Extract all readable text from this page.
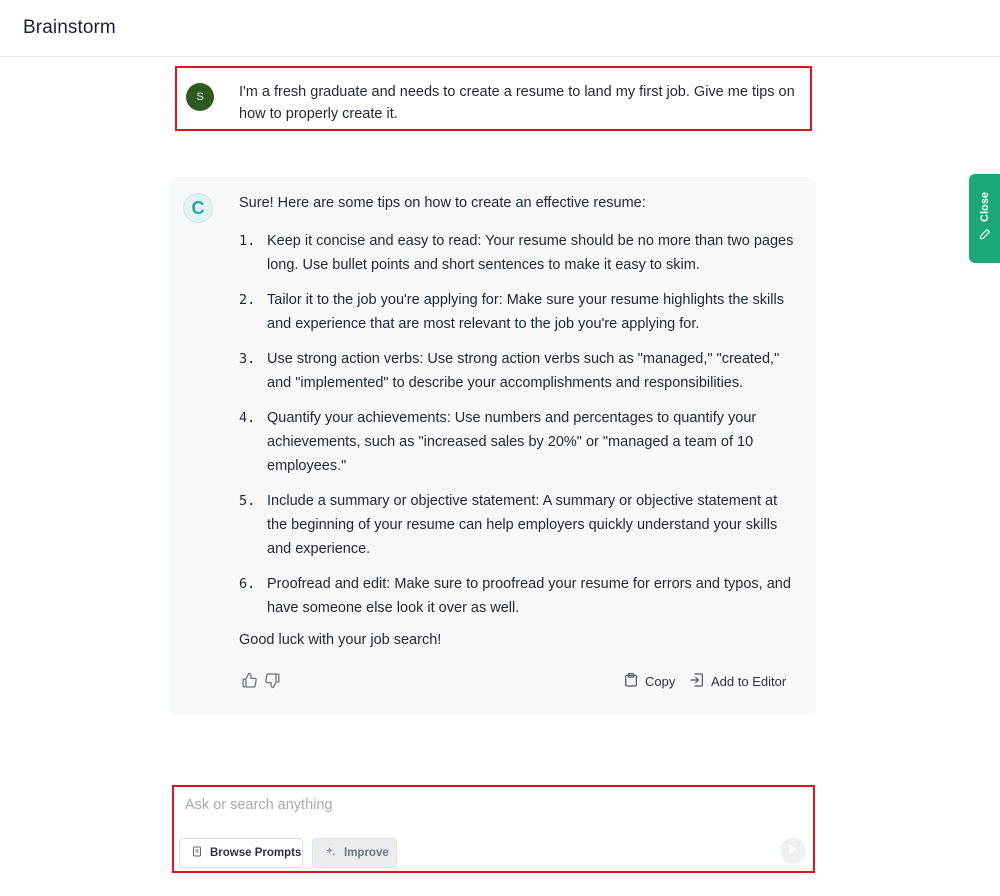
Brainstorm
S	I'm a fresh graduate and needs to create a resume to land my first job. Give me tips on how to properly create it.
C	Sure! Here are some tips on how to create an effective resume:
1. Keep it concise and easy to read: Your resume should be no more than two pages long. Use bullet points and short sentences to make it easy to skim.
2. Tailor it to the job you're applying for: Make sure your resume highlights the skills and experience that are most relevant to the job you're applying for.
3. Use strong action verbs: Use strong action verbs such as "managed," "created," and "implemented" to describe your accomplishments and responsibilities.
4. Quantify your achievements: Use numbers and percentages to quantify your achievements, such as "increased sales by 20%" or "managed a team of 10 employees."
5. Include a summary or objective statement: A summary or objective statement at the beginning of your resume can help employers quickly understand your skills and experience.
6. Proofread and edit: Make sure to proofread your resume for errors and typos, and have someone else look it over as well.
Good luck with your job search!
Copy	Add to Editor
Close
Ask or search anything
Browse Prompts	Improve
